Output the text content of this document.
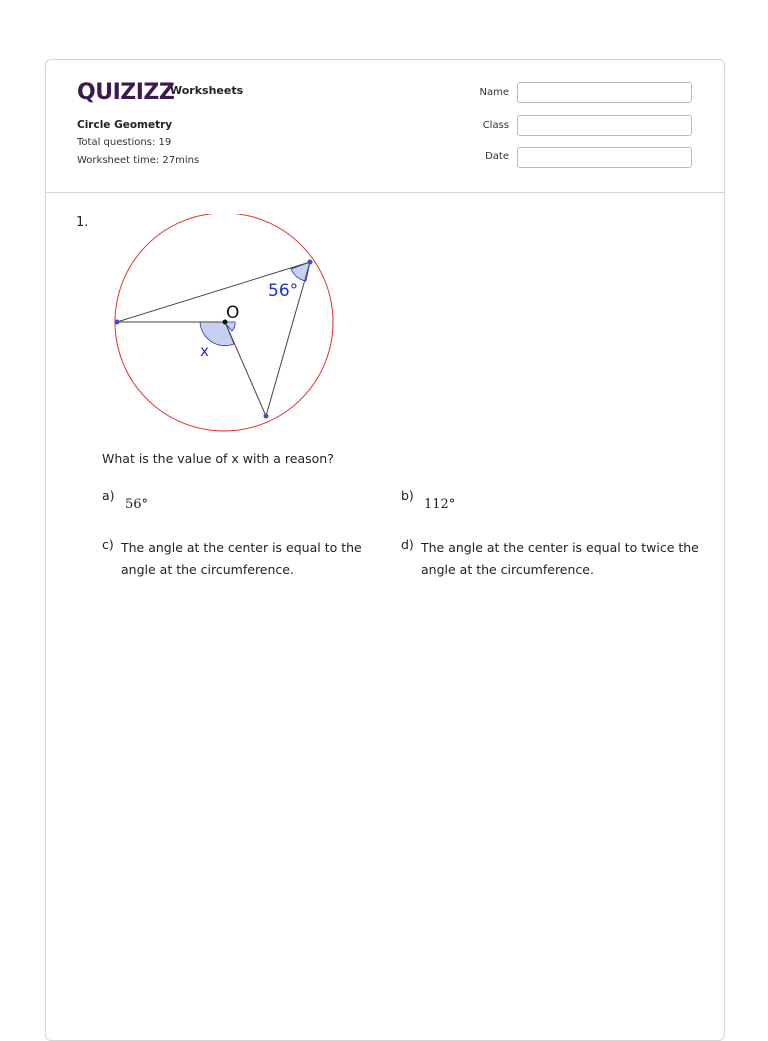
QUIZIZZ
Worksheets
Circle Geometry
Total questions: 19
Worksheet time: 27mins
Name
Class
Date
1.
56°
O
x
What is the value of x with a reason?
a)
56°
b)
112°
c) The angle at the center is equal to the angle at the circumference.
d) The angle at the center is equal to twice the angle at the circumference.
